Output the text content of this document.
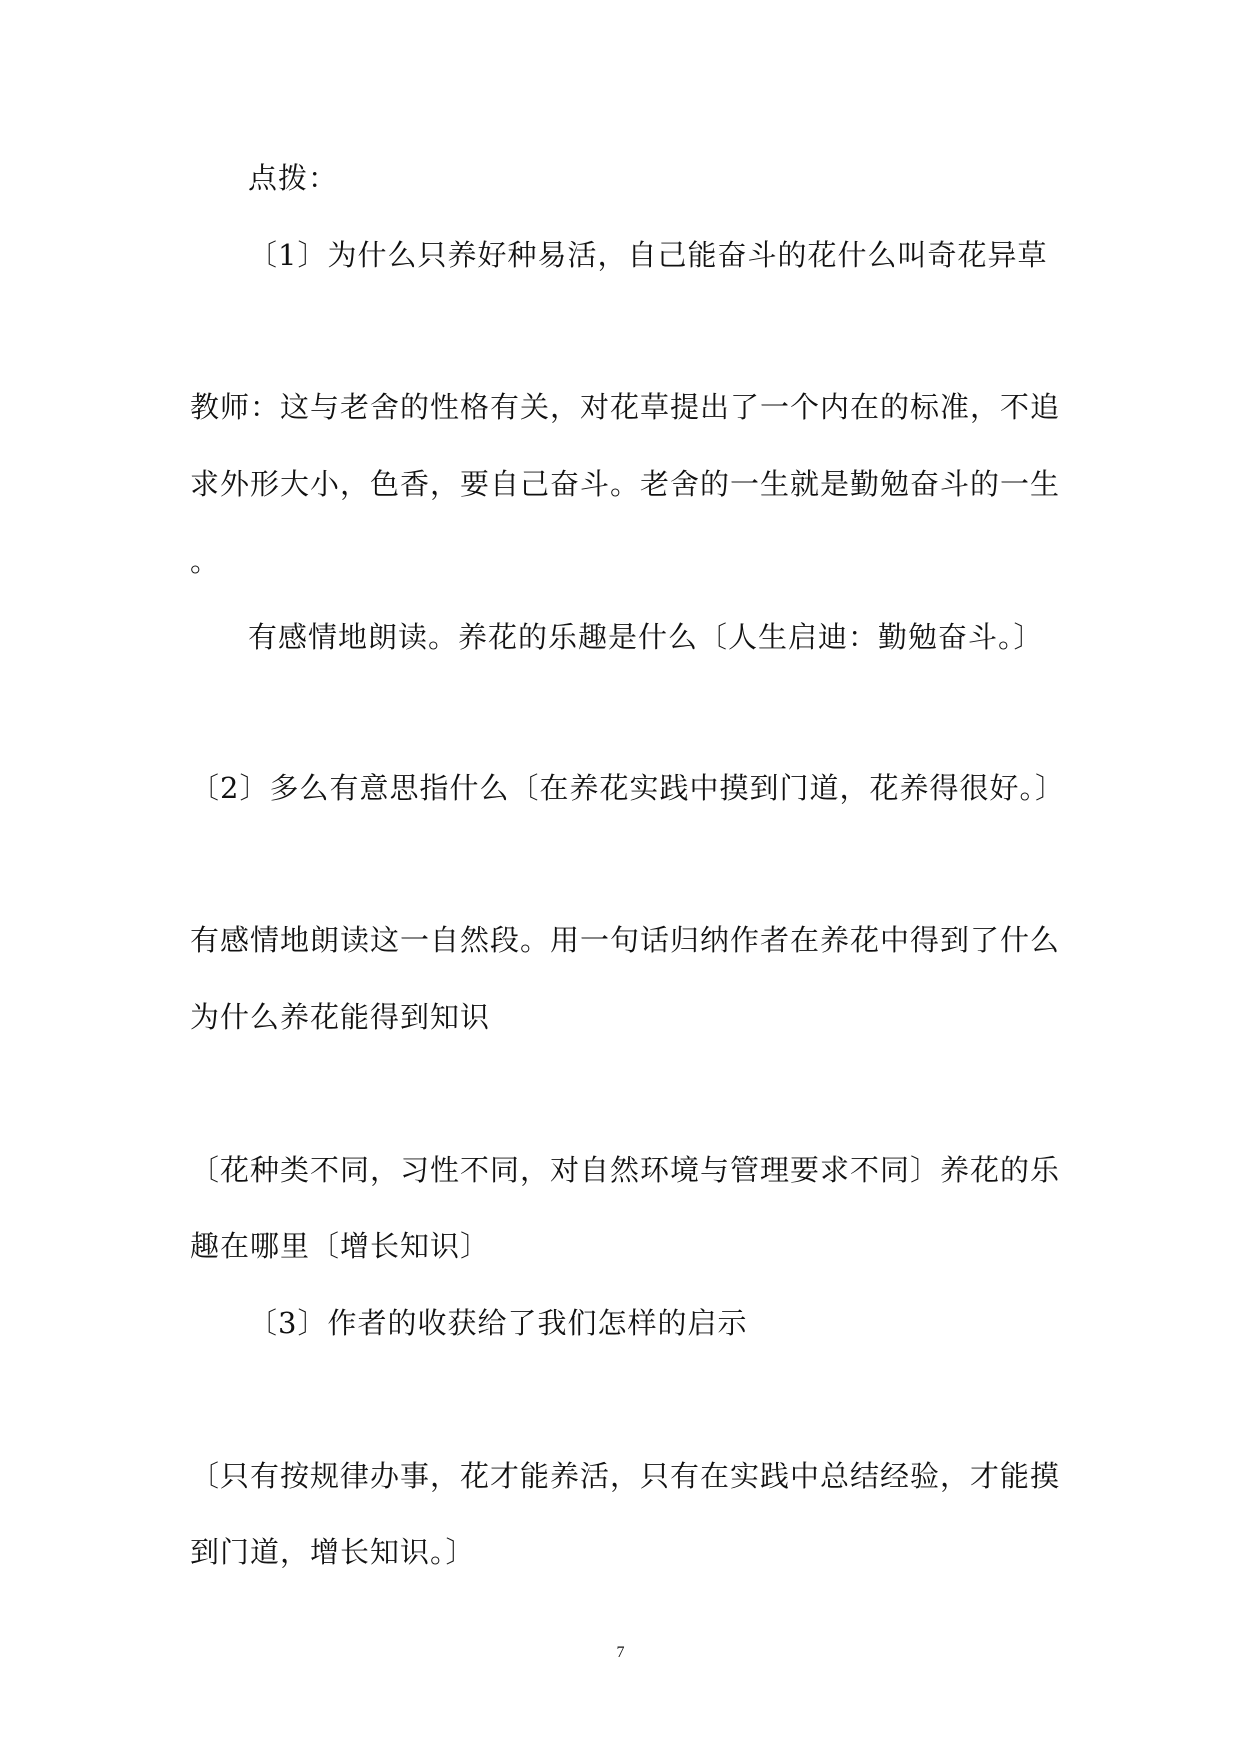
点拨：
〔1〕为什么只养好种易活，自己能奋斗的花什么叫奇花异草
教师：这与老舍的性格有关，对花草提出了一个内在的标准，不追
求外形大小，色香，要自己奋斗。老舍的一生就是勤勉奋斗的一生
。
有感情地朗读。养花的乐趣是什么〔人生启迪：勤勉奋斗。〕
〔2〕多么有意思指什么〔在养花实践中摸到门道，花养得很好。〕
有感情地朗读这一自然段。用一句话归纳作者在养花中得到了什么
为什么养花能得到知识
〔花种类不同，习性不同，对自然环境与管理要求不同〕养花的乐
趣在哪里〔增长知识〕
〔3〕作者的收获给了我们怎样的启示
〔只有按规律办事，花才能养活，只有在实践中总结经验，才能摸
到门道，增长知识。〕
7
